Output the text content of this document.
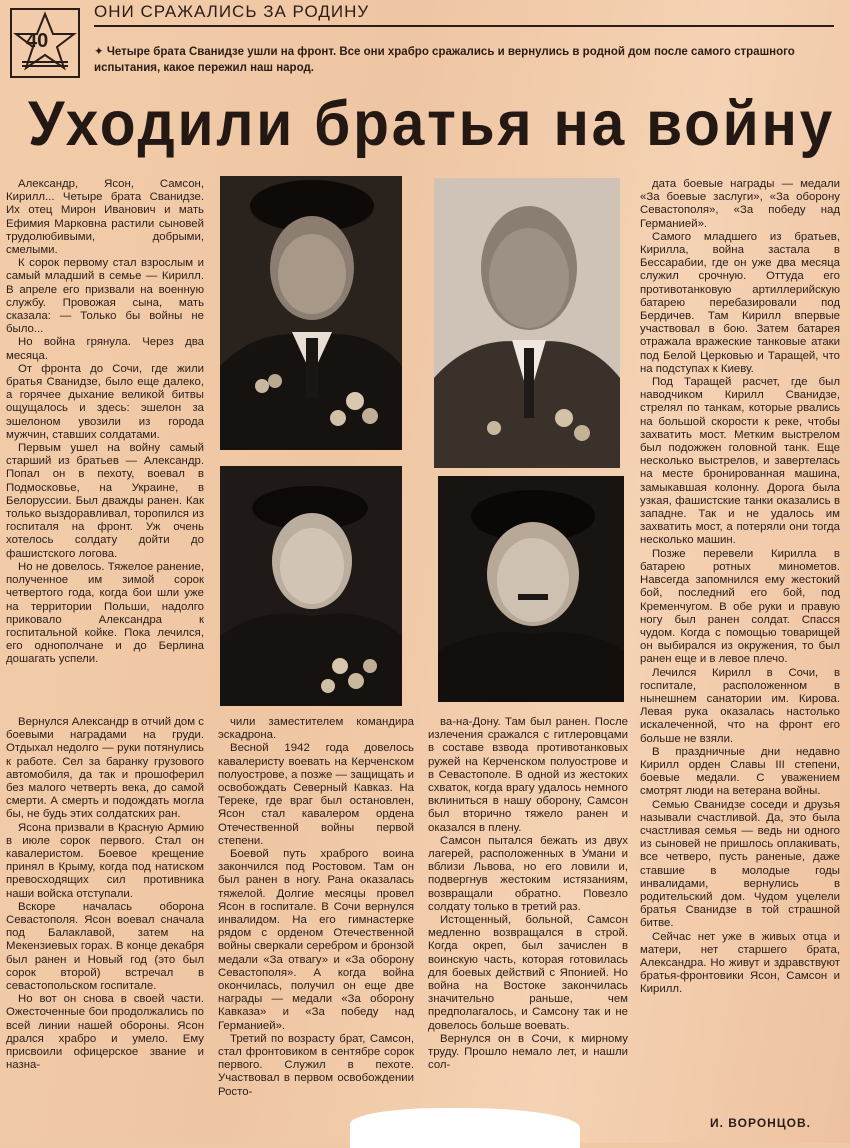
40
ОНИ СРАЖАЛИСЬ ЗА РОДИНУ
✦ Четыре брата Сванидзе ушли на фронт. Все они храбро сражались и вернулись в родной дом после самого страшного испытания, какое пережил наш народ.
Уходили братья на войну

Александр, Ясон, Самсон, Кирилл... Четыре брата Сванидзе. Их отец Мирон Иванович и мать Ефимия Марковна растили сыновей трудолюбивыми, добрыми, смелыми.

К сорок первому стал взрослым и самый младший в семье — Кирилл. В апреле его призвали на военную службу. Провожая сына, мать сказала: — Только бы войны не было...

Но война грянула. Через два месяца.

От фронта до Сочи, где жили братья Сванидзе, было еще далеко, а горячее дыхание великой битвы ощущалось и здесь: эшелон за эшелоном увозили из города мужчин, ставших солдатами.

Первым ушел на войну самый старший из братьев — Александр. Попал он в пехоту, воевал в Подмосковье, на Украине, в Белоруссии. Был дважды ранен. Как только выздоравливал, торопился из госпиталя на фронт. Уж очень хотелось солдату дойти до фашистского логова.

Но не довелось. Тяжелое ранение, полученное им зимой сорок четвертого года, когда бои шли уже на территории Польши, надолго приковало Александра к госпитальной койке. Пока лечился, его однополчане и до Берлина дошагать успели.

Вернулся Александр в отчий дом с боевыми наградами на груди. Отдыхал недолго — руки потянулись к работе. Сел за баранку грузового автомобиля, да так и прошоферил без малого четверть века, до самой смерти. А смерть и подождать могла бы, не будь этих солдатских ран.

Ясона призвали в Красную Армию в июле сорок первого. Стал он кавалеристом. Боевое крещение принял в Крыму, когда под натиском превосходящих сил противника наши войска отступали.

Вскоре началась оборона Севастополя. Ясон воевал сначала под Балаклавой, затем на Мекензиевых горах. В конце декабря был ранен и Новый год (это был сорок второй) встречал в севастопольском госпитале.

Но вот он снова в своей части. Ожесточенные бои продолжались по всей линии нашей обороны. Ясон дрался храбро и умело. Ему присвоили офицерское звание и назна-

чили заместителем командира эскадрона.

Весной 1942 года довелось кавалеристу воевать на Керченском полуострове, а позже — защищать и освобождать Северный Кавказ. На Тереке, где враг был остановлен, Ясон стал кавалером ордена Отечественной войны первой степени.

Боевой путь храброго воина закончился под Ростовом. Там он был ранен в ногу. Рана оказалась тяжелой. Долгие месяцы провел Ясон в госпитале. В Сочи вернулся инвалидом. На его гимнастерке рядом с орденом Отечественной войны сверкали серебром и бронзой медали «За отвагу» и «За оборону Севастополя». А когда война окончилась, получил он еще две награды — медали «За оборону Кавказа» и «За победу над Германией».

Третий по возрасту брат, Самсон, стал фронтовиком в сентябре сорок первого. Служил в пехоте. Участвовал в первом освобождении Росто-

ва-на-Дону. Там был ранен. После излечения сражался с гитлеровцами в составе взвода противотанковых ружей на Керченском полуострове и в Севастополе. В одной из жестоких схваток, когда врагу удалось немного вклиниться в нашу оборону, Самсон был вторично тяжело ранен и оказался в плену.

Самсон пытался бежать из двух лагерей, расположенных в Умани и вблизи Львова, но его ловили и, подвергнув жестоким истязаниям, возвращали обратно. Повезло солдату только в третий раз.

Истощенный, больной, Самсон медленно возвращался в строй. Когда окреп, был зачислен в воинскую часть, которая готовилась для боевых действий с Японией. Но война на Востоке закончилась значительно раньше, чем предполагалось, и Самсону так и не довелось больше воевать.

Вернулся он в Сочи, к мирному труду. Прошло немало лет, и нашли сол-

дата боевые награды — медали «За боевые заслуги», «За оборону Севастополя», «За победу над Германией».

Самого младшего из братьев, Кирилла, война застала в Бессарабии, где он уже два месяца служил срочную. Оттуда его противотанковую артиллерийскую батарею перебазировали под Бердичев. Там Кирилл впервые участвовал в бою. Затем батарея отражала вражеские танковые атаки под Белой Церковью и Таращей, что на подступах к Киеву.

Под Таращей расчет, где был наводчиком Кирилл Сванидзе, стрелял по танкам, которые рвались на большой скорости к реке, чтобы захватить мост. Метким выстрелом был подожжен головной танк. Еще несколько выстрелов, и завертелась на месте бронированная машина, замыкавшая колонну. Дорога была узкая, фашистские танки оказались в западне. Так и не удалось им захватить мост, а потеряли они тогда несколько машин.

Позже перевели Кирилла в батарею ротных минометов. Навсегда запомнился ему жестокий бой, последний его бой, под Кременчугом. В обе руки и правую ногу был ранен солдат. Спасся чудом. Когда с помощью товарищей он выбирался из окружения, то был ранен еще и в левое плечо.

Лечился Кирилл в Сочи, в госпитале, расположенном в нынешнем санатории им. Кирова. Левая рука оказалась настолько искалеченной, что на фронт его больше не взяли.

В праздничные дни недавно Кирилл орден Славы III степени, боевые медали. С уважением смотрят люди на ветерана войны.

Семью Сванидзе соседи и друзья называли счастливой. Да, это была счастливая семья — ведь ни одного из сыновей не пришлось оплакивать, все четверо, пусть раненые, даже ставшие в молодые годы инвалидами, вернулись в родительский дом. Чудом уцелели братья Сванидзе в той страшной битве.

Сейчас нет уже в живых отца и матери, нет старшего брата, Александра. Но живут и здравствуют братья-фронтовики Ясон, Самсон и Кирилл.

И. ВОРОНЦОВ.
